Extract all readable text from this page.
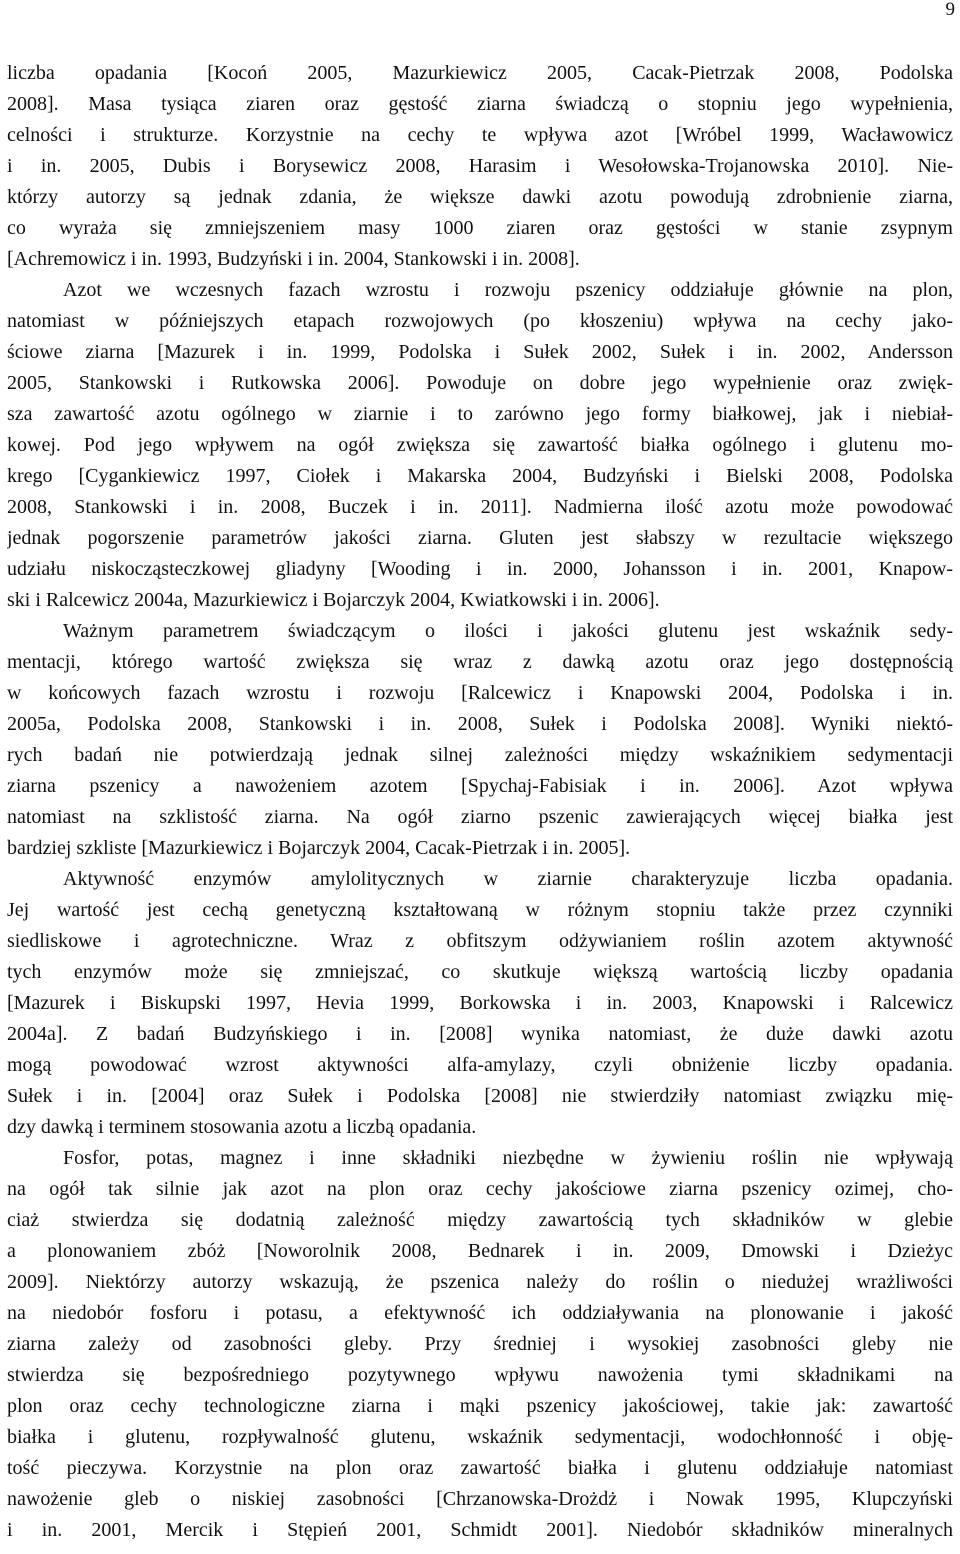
9
liczba opadania [Kocoń 2005, Mazurkiewicz 2005, Cacak-Pietrzak 2008, Podolska
2008]. Masa tysiąca ziaren oraz gęstość ziarna świadczą o stopniu jego wypełnienia,
celności i strukturze. Korzystnie na cechy te wpływa azot [Wróbel 1999, Wacławowicz
i in. 2005, Dubis i Borysewicz 2008, Harasim i Wesołowska-Trojanowska 2010]. Nie-
którzy autorzy są jednak zdania, że większe dawki azotu powodują zdrobnienie ziarna,
co wyraża się zmniejszeniem masy 1000 ziaren oraz gęstości w stanie zsypnym
[Achremowicz i in. 1993, Budzyński i in. 2004, Stankowski i in. 2008].
Azot we wczesnych fazach wzrostu i rozwoju pszenicy oddziałuje głównie na plon,
natomiast w późniejszych etapach rozwojowych (po kłoszeniu) wpływa na cechy jako-
ściowe ziarna [Mazurek i in. 1999, Podolska i Sułek 2002, Sułek i in. 2002, Andersson
2005, Stankowski i Rutkowska 2006]. Powoduje on dobre jego wypełnienie oraz zwięk-
sza zawartość azotu ogólnego w ziarnie i to zarówno jego formy białkowej, jak i niebiał-
kowej. Pod jego wpływem na ogół zwiększa się zawartość białka ogólnego i glutenu mo-
krego [Cygankiewicz 1997, Ciołek i Makarska 2004, Budzyński i Bielski 2008, Podolska
2008, Stankowski i in. 2008, Buczek i in. 2011]. Nadmierna ilość azotu może powodować
jednak pogorszenie parametrów jakości ziarna. Gluten jest słabszy w rezultacie większego
udziału niskocząsteczkowej gliadyny [Wooding i in. 2000, Johansson i in. 2001, Knapow-
ski i Ralcewicz 2004a, Mazurkiewicz i Bojarczyk 2004, Kwiatkowski i in. 2006].
Ważnym parametrem świadczącym o ilości i jakości glutenu jest wskaźnik sedy-
mentacji, którego wartość zwiększa się wraz z dawką azotu oraz jego dostępnością
w końcowych fazach wzrostu i rozwoju [Ralcewicz i Knapowski 2004, Podolska i in.
2005a, Podolska 2008, Stankowski i in. 2008, Sułek i Podolska 2008]. Wyniki niektó-
rych badań nie potwierdzają jednak silnej zależności między wskaźnikiem sedymentacji
ziarna pszenicy a nawożeniem azotem [Spychaj-Fabisiak i in. 2006]. Azot wpływa
natomiast na szklistość ziarna. Na ogół ziarno pszenic zawierających więcej białka jest
bardziej szkliste [Mazurkiewicz i Bojarczyk 2004, Cacak-Pietrzak i in. 2005].
Aktywność enzymów amylolitycznych w ziarnie charakteryzuje liczba opadania.
Jej wartość jest cechą genetyczną kształtowaną w różnym stopniu także przez czynniki
siedliskowe i agrotechniczne. Wraz z obfitszym odżywianiem roślin azotem aktywność
tych enzymów może się zmniejszać, co skutkuje większą wartością liczby opadania
[Mazurek i Biskupski 1997, Hevia 1999, Borkowska i in. 2003, Knapowski i Ralcewicz
2004a]. Z badań Budzyńskiego i in. [2008] wynika natomiast, że duże dawki azotu
mogą powodować wzrost aktywności alfa-amylazy, czyli obniżenie liczby opadania.
Sułek i in. [2004] oraz Sułek i Podolska [2008] nie stwierdziły natomiast związku mię-
dzy dawką i terminem stosowania azotu a liczbą opadania.
Fosfor, potas, magnez i inne składniki niezbędne w żywieniu roślin nie wpływają
na ogół tak silnie jak azot na plon oraz cechy jakościowe ziarna pszenicy ozimej, cho-
ciaż stwierdza się dodatnią zależność między zawartością tych składników w glebie
a plonowaniem zbóż [Noworolnik 2008, Bednarek i in. 2009, Dmowski i Dzieżyc
2009]. Niektórzy autorzy wskazują, że pszenica należy do roślin o niedużej wrażliwości
na niedobór fosforu i potasu, a efektywność ich oddziaływania na plonowanie i jakość
ziarna zależy od zasobności gleby. Przy średniej i wysokiej zasobności gleby nie
stwierdza się bezpośredniego pozytywnego wpływu nawożenia tymi składnikami na
plon oraz cechy technologiczne ziarna i mąki pszenicy jakościowej, takie jak: zawartość
białka i glutenu, rozpływalność glutenu, wskaźnik sedymentacji, wodochłonność i obję-
tość pieczywa. Korzystnie na plon oraz zawartość białka i glutenu oddziałuje natomiast
nawożenie gleb o niskiej zasobności [Chrzanowska-Drożdż i Nowak 1995, Klupczyński
i in. 2001, Mercik i Stępień 2001, Schmidt 2001]. Niedobór składników mineralnych
